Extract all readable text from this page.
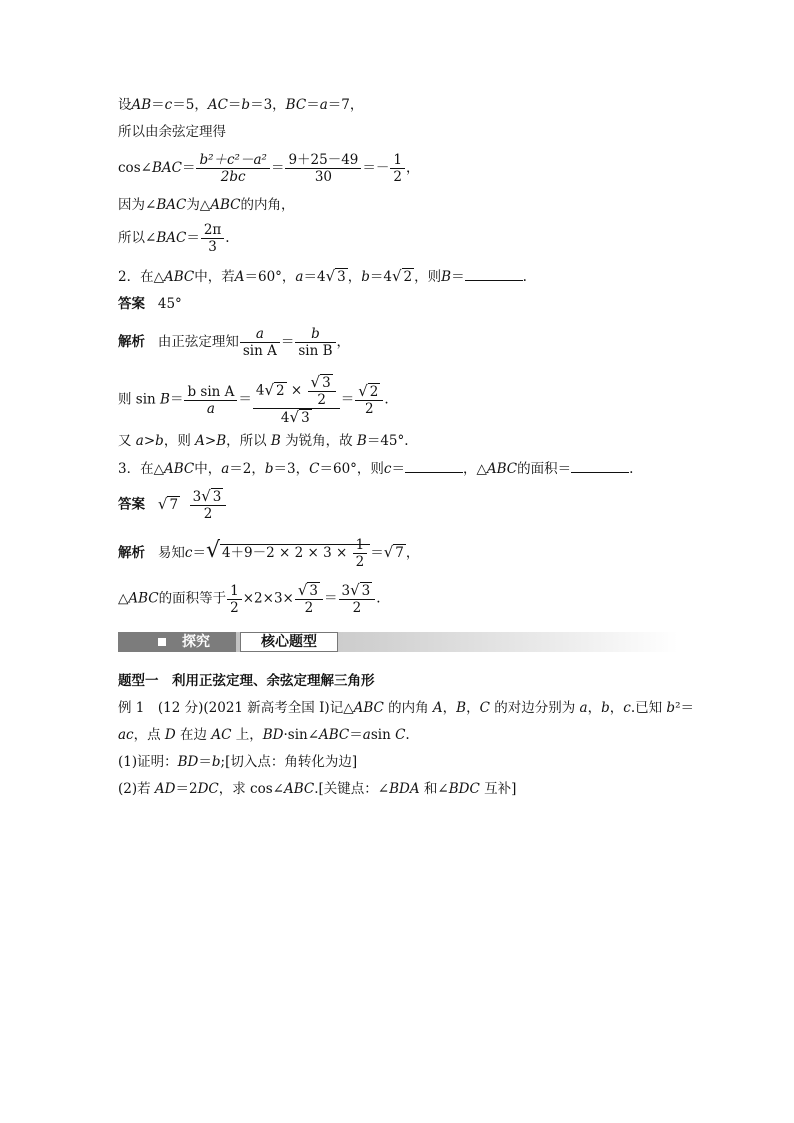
设AB＝c＝5，AC＝b＝3，BC＝a＝7，
所以由余弦定理得
cos∠BAC＝ $\frac{\text{b²＋c²－a²}}{2bc} = \frac{9+25-49}{30} =- \frac{1}{2}$ ，
因为∠BAC为△ABC的内角，
所以∠BAC＝ $\frac{2\pi}{3}$ .
2．在△ABC中，若A＝60°，a＝4√ 3 ，b＝4√ 2 ，则B＝	.
答案 45°
解析 由正弦定理知 $\frac{a}{\text{sin A}} = \frac{b}{\text{sin B}}$ ，
则 $\sin B= \frac{\text{b sin A}}{a} = \frac{4√ 2 \times \frac{√ 3}{2}}{4√ 3} = \frac{√ 2}{2}$ .
又 a>b，则 A>B，所以 B 为锐角，故 B＝45°.
3．在△ABC中，a＝2，b＝3，C＝60°，则c＝	，△ABC的面积＝	.
答案 √ $7 \frac{3√ 3}{2}$
解析 易知c＝√ $4+9-2 \times 2 \times 3 \times \frac{1}{2}$ ＝√ 7 ，
△ABC的面积等于 $\frac{1}{2} \times 2\times 3\times \frac{√ 3}{2} = \frac{3√ 3}{2}$ .
探究	核心题型
题型一　利用正弦定理、余弦定理解三角形
例 1　(12 分)(2021 新高考全国 Ⅰ)记△ABC 的内角 A，B，C 的对边分别为 a，b，c.已知 b²＝
ac，点 D 在边 AC 上，BD·sin∠ABC＝asin C.
(1)证明：BD＝b;[切入点：角转化为边]
(2)若 AD＝2DC，求 cos∠ABC.[关键点：∠BDA 和∠BDC 互补]
